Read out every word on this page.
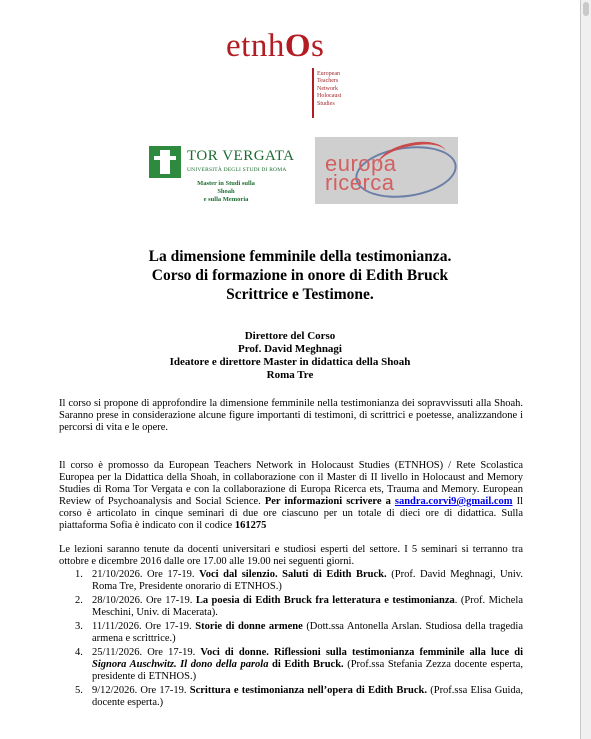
etnhOs
European
Teachers
Network
Holocaust
Studies
TOR VERGATA
UNIVERSITÀ DEGLI STUDI DI ROMA
Master in Studi sulla Shoah
e sulla Memoria
europa
ricerca
La dimensione femminile della testimonianza.
Corso di formazione in onore di Edith Bruck
Scrittrice e Testimone.
Direttore del Corso
Prof. David Meghnagi
Ideatore e direttore Master in didattica della Shoah
Roma Tre
Il corso si propone di approfondire la dimensione femminile nella testimonianza dei sopravvissuti alla Shoah. Saranno prese in considerazione alcune figure importanti di testimoni, di scrittrici e poetesse, analizzandone i percorsi di vita e le opere.
Il corso è promosso da European Teachers Network in Holocaust Studies (ETNHOS) / Rete Scolastica Europea per la Didattica della Shoah, in collaborazione con il Master di II livello in Holocaust and Memory Studies di Roma Tor Vergata e con la collaborazione di Europa Ricerca ets, Trauma and Memory. European Review of Psychoanalysis and Social Science. Per informazioni scrivere a sandra.corvi9@gmail.com Il corso è articolato in cinque seminari di due ore ciascuno per un totale di dieci ore di didattica. Sulla piattaforma Sofia è indicato con il codice 161275
Le lezioni saranno tenute da docenti universitari e studiosi esperti del settore. I 5 seminari si terranno tra ottobre e dicembre 2016 dalle ore 17.00 alle 19.00 nei seguenti giorni.
1. 21/10/2026. Ore 17-19. Voci dal silenzio. Saluti di Edith Bruck. (Prof. David Meghnagi, Univ. Roma Tre, Presidente onorario di ETNHOS.)
2. 28/10/2026. Ore 17-19. La poesia di Edith Bruck fra letteratura e testimonianza. (Prof. Michela Meschini, Univ. di Macerata).
3. 11/11/2026. Ore 17-19. Storie di donne armene (Dott.ssa Antonella Arslan. Studiosa della tragedia armena e scrittrice.)
4. 25/11/2026. Ore 17-19. Voci di donne. Riflessioni sulla testimonianza femminile alla luce di Signora Auschwitz. Il dono della parola di Edith Bruck. (Prof.ssa Stefania Zezza docente esperta, presidente di ETNHOS.)
5. 9/12/2026. Ore 17-19. Scrittura e testimonianza nell’opera di Edith Bruck. (Prof.ssa Elisa Guida, docente esperta.)
